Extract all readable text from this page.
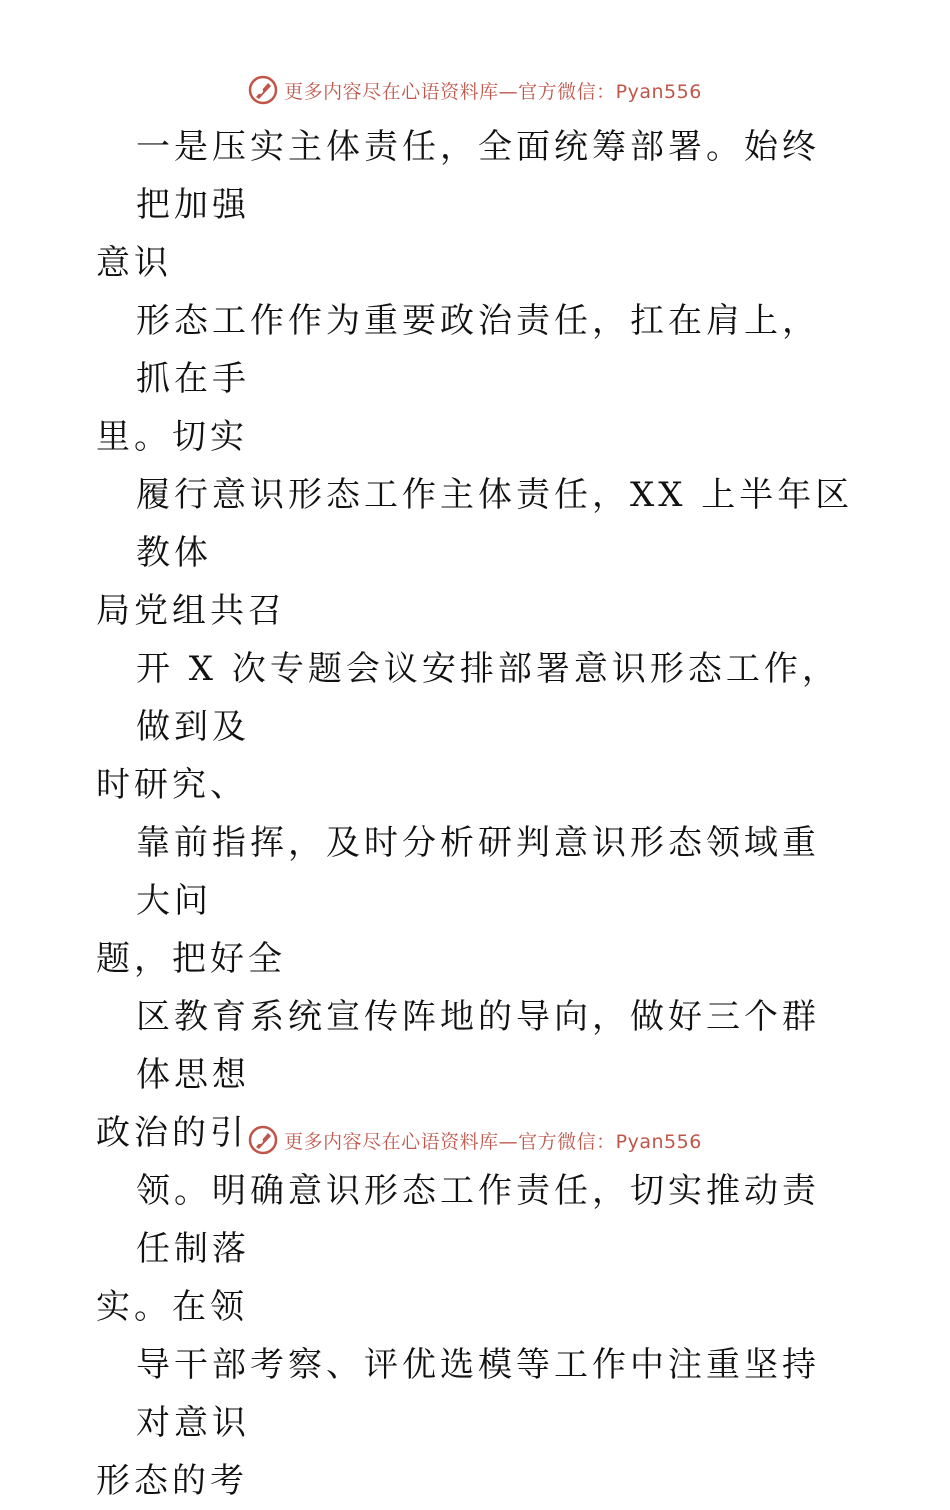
更多内容尽在心语资料库—官方微信：Pyan556

一是压实主体责任，全面统筹部署。始终把加强
意识

形态工作作为重要政治责任，扛在肩上，抓在手
里。切实

履行意识形态工作主体责任，XX 上半年区教体
局党组共召

开 X 次专题会议安排部署意识形态工作，做到及
时研究、

靠前指挥，及时分析研判意识形态领域重大问
题，把好全

区教育系统宣传阵地的导向，做好三个群体思想
政治的引

领。明确意识形态工作责任，切实推动责任制落
实。在领

导干部考察、评优选模等工作中注重坚持对意识
形态的考

更多内容尽在心语资料库—官方微信：Pyan556
